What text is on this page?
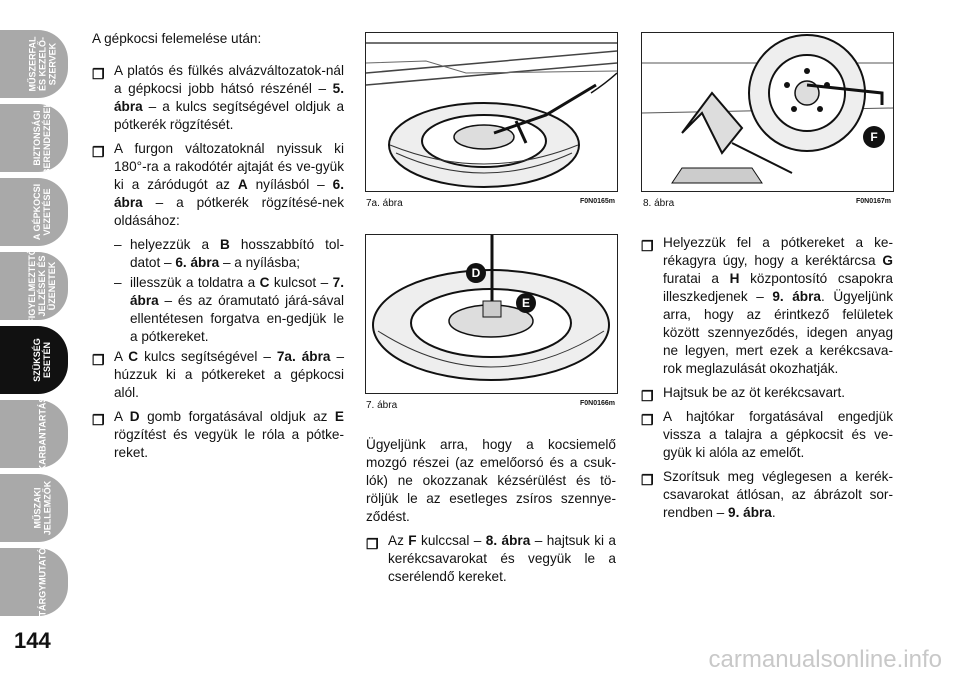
MŰSZERFAL
ÉS KEZELŐ-
SZERVEK
BIZTONSÁGI
BERENDEZÉSEK
A GÉPKOCSI
VEZETÉSE
FIGYELMEZTETŐ
JELZÉSEK ÉS
ÜZENETEK
SZÜKSÉG
ESETÉN
KARBANTARTÁS
MŰSZAKI
JELLEMZŐK
TÁRGYMUTATÓ
144

A gépkocsi felemelése után:

❐ A platós és fülkés alvázváltozatok-nál a gépkocsi jobb hátsó részénél – 5. ábra – a kulcs segítségével oldjuk a pótkerék rögzítését.
❐ A furgon változatoknál nyissuk ki 180°-ra a rakodótér ajtaját és ve-gyük ki a záródugót az A nyílásból – 6. ábra – a pótkerék rögzítésé-nek oldásához:
– helyezzük a B hosszabbító tol-datot – 6. ábra – a nyílásba;
– illesszük a toldatra a C kulcsot – 7. ábra – és az óramutató járá-sával ellentétesen forgatva en-gedjük le a pótkereket.
❐ A C kulcs segítségével – 7a. ábra – húzzuk ki a pótkereket a gépkocsi alól.
❐ A D gomb forgatásával oldjuk az E rögzítést és vegyük le róla a pótke-reket.
7a. ábra	F0N0165m
D
E
7. ábra	F0N0166m
F
8. ábra	F0N0167m

Ügyeljünk arra, hogy a kocsiemelő mozgó részei (az emelőorsó és a csuk-lók) ne okozzanak kézsérülést és tö-röljük le az esetleges zsíros szennye-ződést.

❐ Az F kulccsal – 8. ábra – hajtsuk ki a kerékcsavarokat és vegyük le a cserélendő kereket.
❐ Helyezzük fel a pótkereket a ke-rékagyra úgy, hogy a keréktárcsa G furatai a H központosító csapokra illeszkedjenek – 9. ábra. Ügyeljünk arra, hogy az érintkező felületek között szennyeződés, idegen anyag ne legyen, mert ezek a kerékcsava-rok meglazulását okozhatják.
❐ Hajtsuk be az öt kerékcsavart.
❐ A hajtókar forgatásával engedjük vissza a talajra a gépkocsit és ve-gyük ki alóla az emelőt.
❐ Szorítsuk meg véglegesen a kerék-csavarokat átlósan, az ábrázolt sor-rendben – 9. ábra.
carmanualsonline.info
